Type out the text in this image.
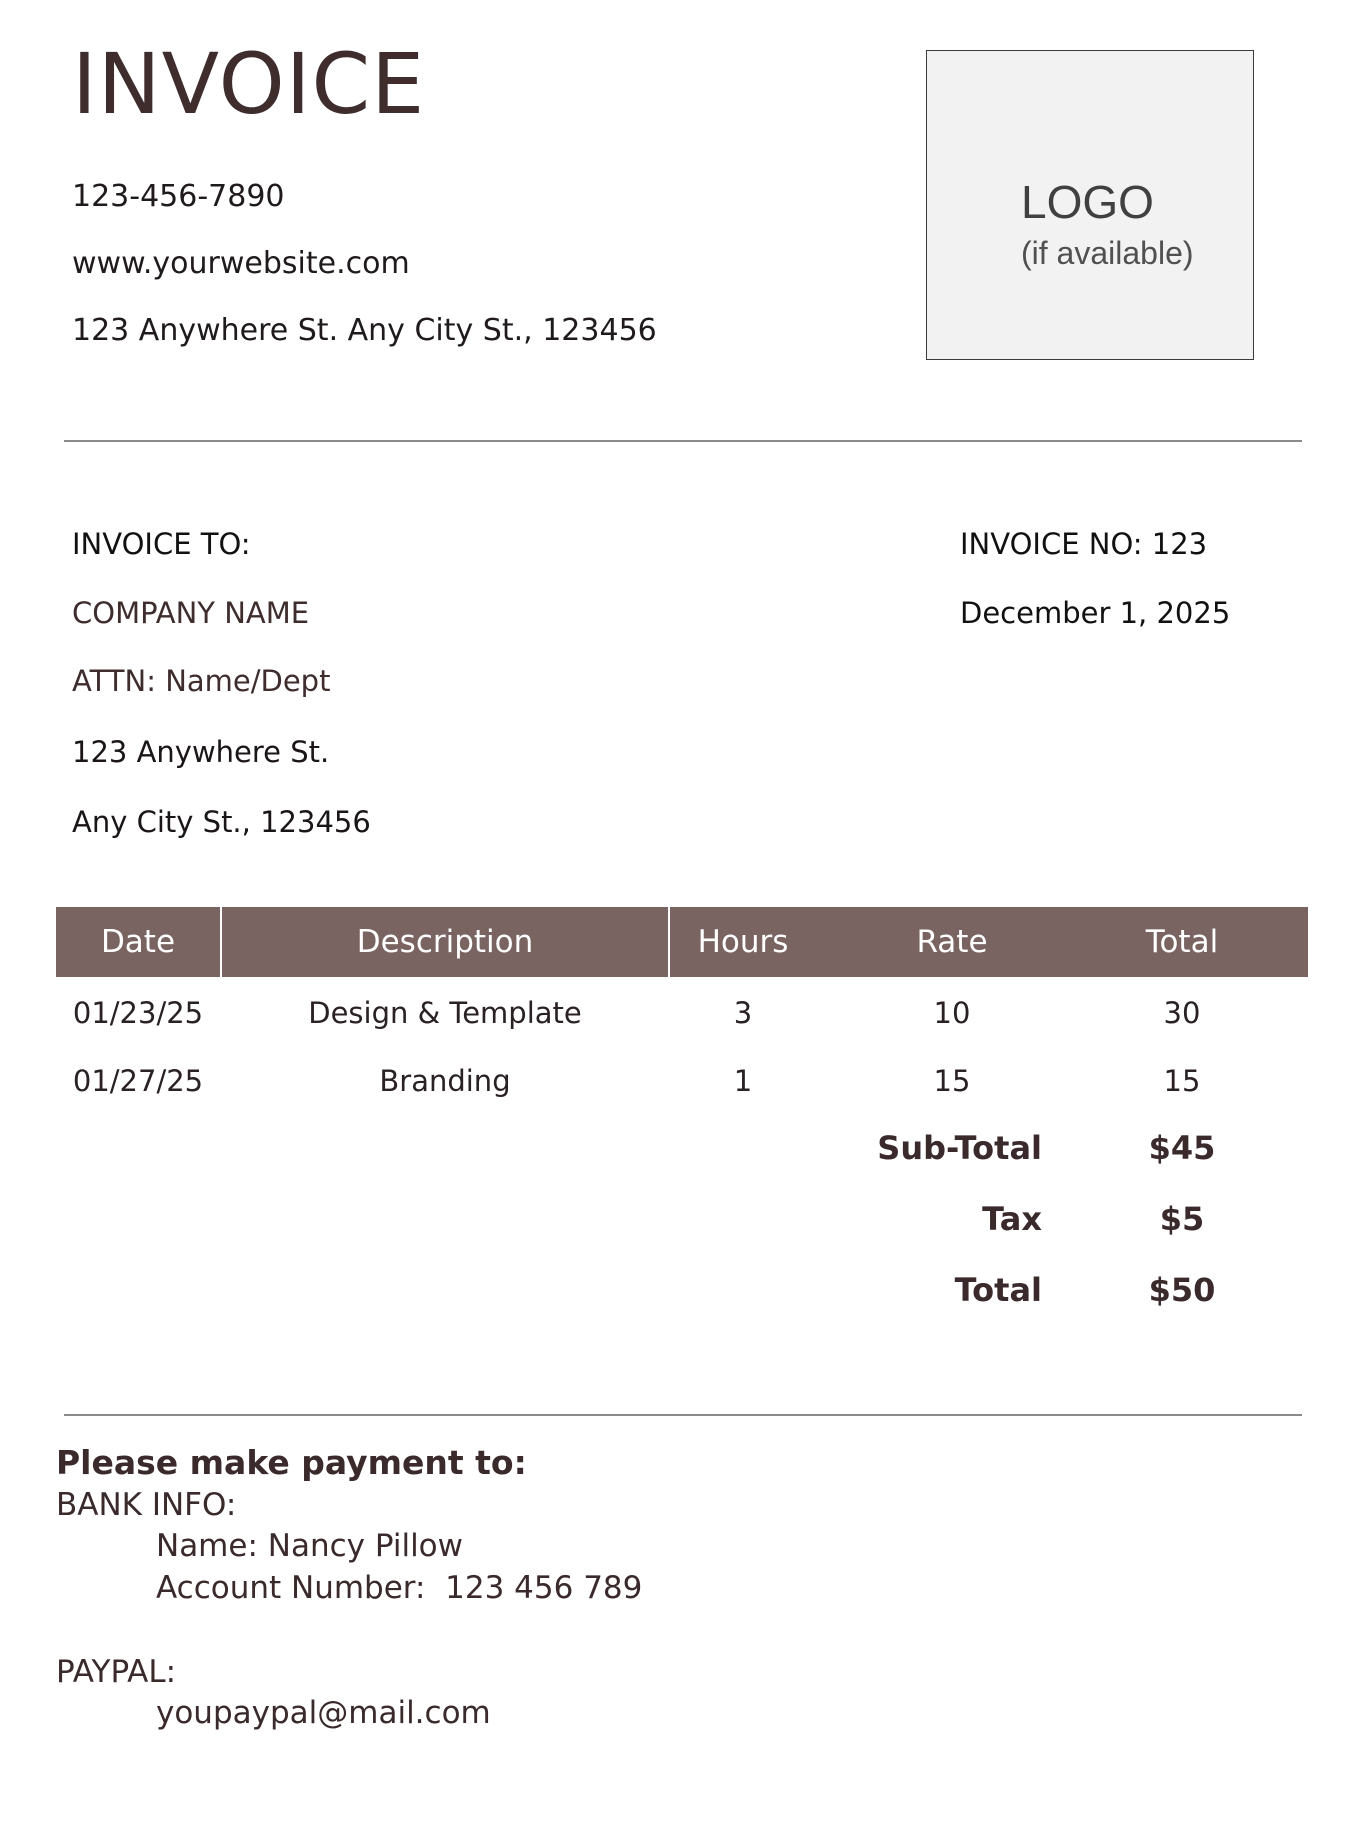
INVOICE
123-456-7890
www.yourwebsite.com
123 Anywhere St. Any City St., 123456
LOGO
(if available)
INVOICE TO:
COMPANY NAME
ATTN: Name/Dept
123 Anywhere St.
Any City St., 123456
INVOICE NO: 123
December 1, 2025
Date	Description	Hours	Rate	Total
01/23/25	Design & Template	3	10	30
01/27/25	Branding	1	15	15
Sub-Total	$45
Tax	$5
Total	$50
Please make payment to:
BANK INFO:
Name: Nancy Pillow
Account Number:  123 456 789
PAYPAL:
youpaypal@mail.com
